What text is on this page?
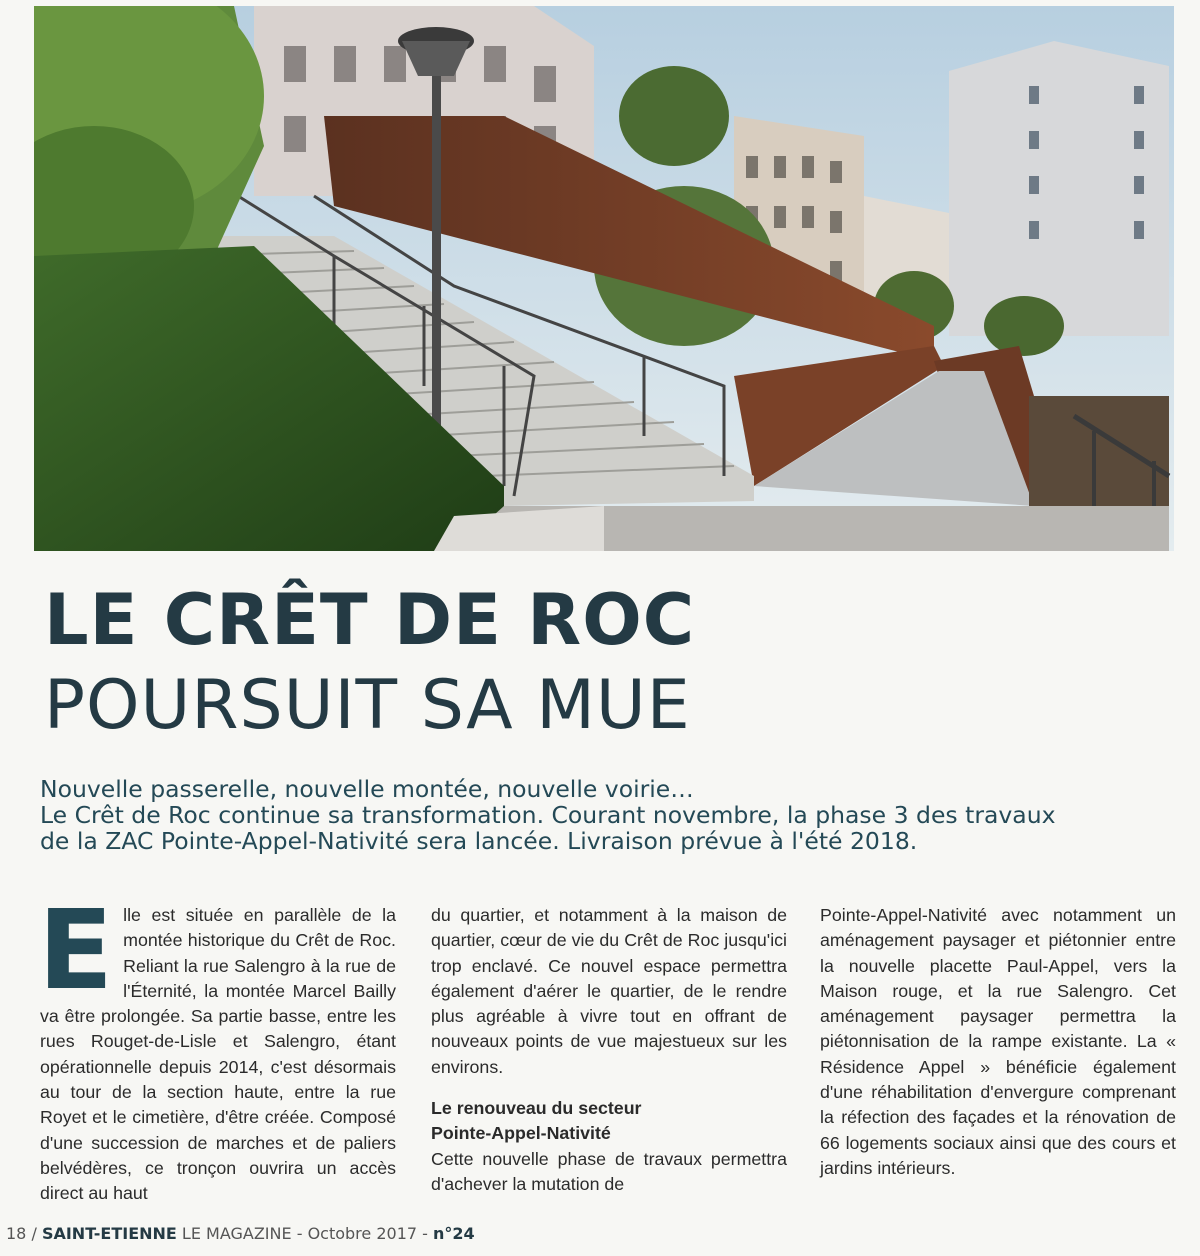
LE CRÊT DE ROC
POURSUIT SA MUE
Nouvelle passerelle, nouvelle montée, nouvelle voirie…
Le Crêt de Roc continue sa transformation. Courant novembre, la phase 3 des travaux
de la ZAC Pointe-Appel-Nativité sera lancée. Livraison prévue à l'été 2018.
E lle est située en parallèle de la montée historique du Crêt de Roc. Reliant la rue Salengro à la rue de l'Éternité, la montée Marcel Bailly va être prolongée. Sa partie basse, entre les rues Rouget-de-Lisle et Salengro, étant opérationnelle depuis 2014, c'est désormais au tour de la section haute, entre la rue Royet et le cimetière, d'être créée. Composé d'une succession de marches et de paliers belvédères, ce tronçon ouvrira un accès direct au haut

du quartier, et notamment à la maison de quartier, cœur de vie du Crêt de Roc jusqu'ici trop enclavé. Ce nouvel espace permettra également d'aérer le quartier, de le rendre plus agréable à vivre tout en offrant de nouveaux points de vue majestueux sur les environs.

Le renouveau du secteur
Pointe-Appel-Nativité

Cette nouvelle phase de travaux permettra d'achever la mutation de

Pointe-Appel-Nativité avec notamment un aménagement paysager et piétonnier entre la nouvelle placette Paul-Appel, vers la Maison rouge, et la rue Salengro. Cet aménagement paysager permettra la piétonnisation de la rampe existante. La « Résidence Appel » bénéficie également d'une réhabilitation d'envergure comprenant la réfection des façades et la rénovation de 66 logements sociaux ainsi que des cours et jardins intérieurs.

18 / SAINT-ETIENNE LE MAGAZINE - Octobre 2017 - n°24
